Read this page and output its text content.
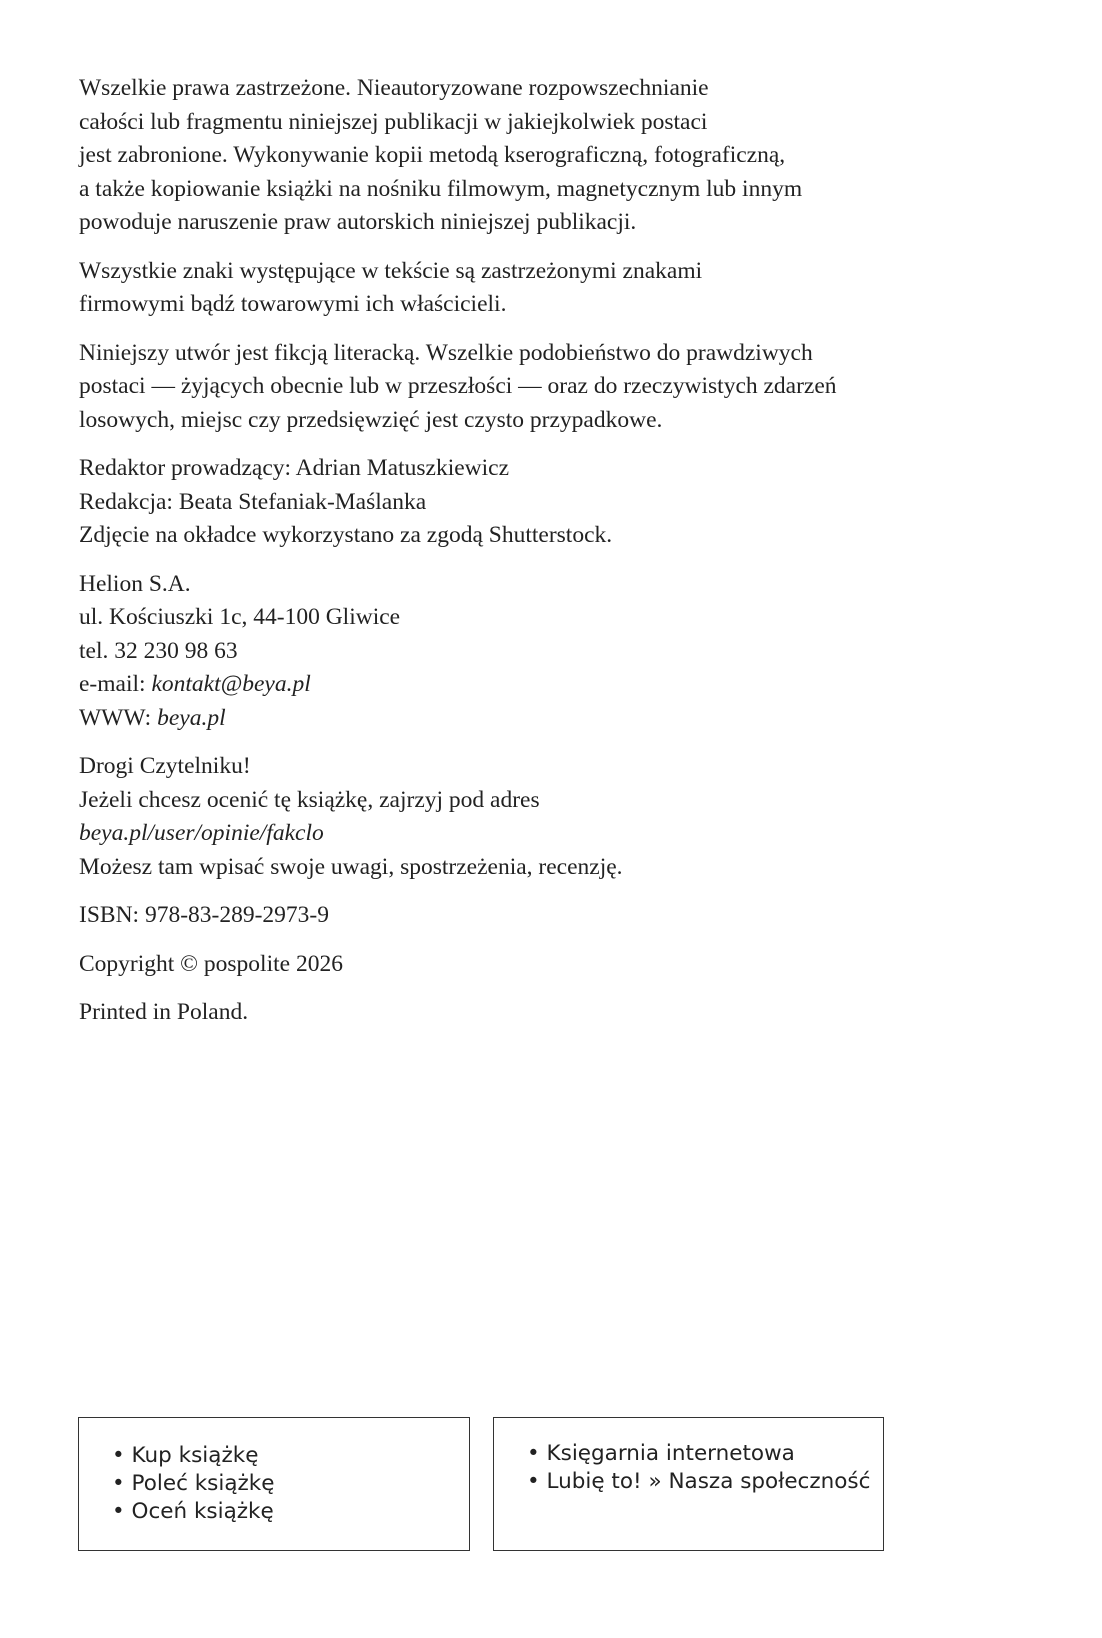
Wszelkie prawa zastrzeżone. Nieautoryzowane rozpowszechnianie
całości lub fragmentu niniejszej publikacji w jakiejkolwiek postaci
jest zabronione. Wykonywanie kopii metodą kserograficzną, fotograficzną,
a także kopiowanie książki na nośniku filmowym, magnetycznym lub innym
powoduje naruszenie praw autorskich niniejszej publikacji.

Wszystkie znaki występujące w tekście są zastrzeżonymi znakami
firmowymi bądź towarowymi ich właścicieli.

Niniejszy utwór jest fikcją literacką. Wszelkie podobieństwo do prawdziwych
postaci — żyjących obecnie lub w przeszłości — oraz do rzeczywistych zdarzeń
losowych, miejsc czy przedsięwzięć jest czysto przypadkowe.

Redaktor prowadzący: Adrian Matuszkiewicz
Redakcja: Beata Stefaniak-Maślanka
Zdjęcie na okładce wykorzystano za zgodą Shutterstock.

Helion S.A.
ul. Kościuszki 1c, 44-100 Gliwice
tel. 32 230 98 63
e-mail: kontakt@beya.pl
WWW: beya.pl

Drogi Czytelniku!
Jeżeli chcesz ocenić tę książkę, zajrzyj pod adres
beya.pl/user/opinie/fakclo
Możesz tam wpisać swoje uwagi, spostrzeżenia, recenzję.

ISBN: 978-83-289-2973-9

Copyright © pospolite 2026

Printed in Poland.

• Kup książkę
• Poleć książkę
• Oceń książkę
• Księgarnia internetowa
• Lubię to! » Nasza społeczność
